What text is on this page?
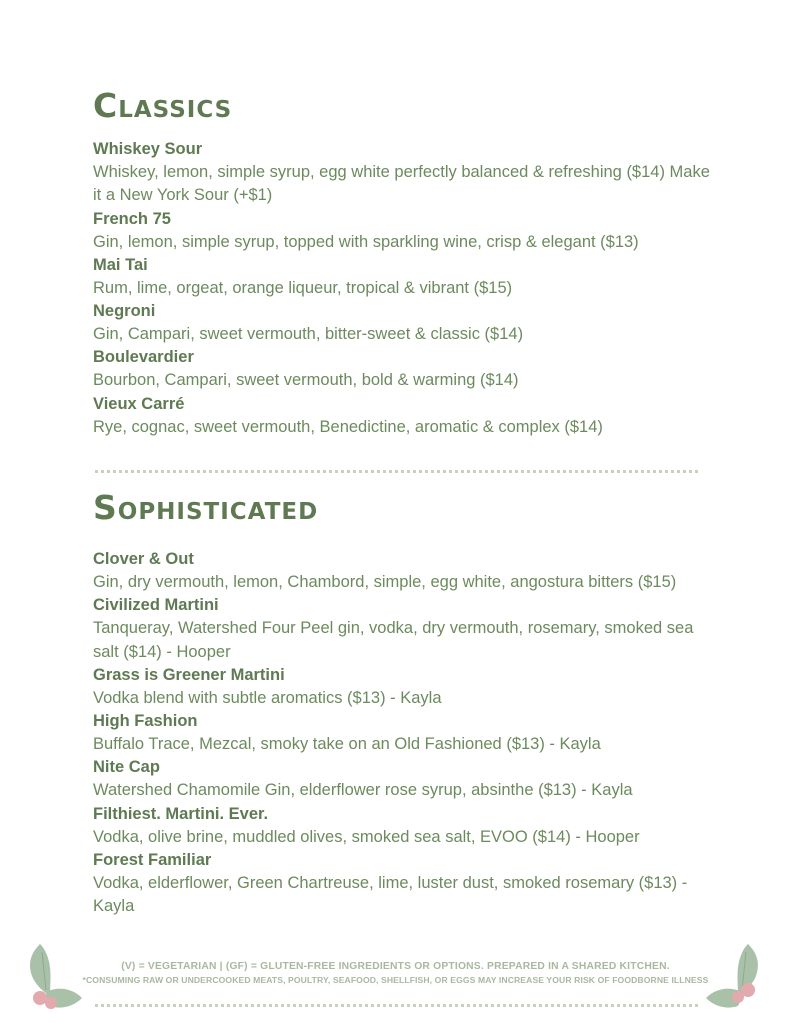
Classics
Whiskey Sour
Whiskey, lemon, simple syrup, egg white perfectly balanced & refreshing ($14) Make it a New York Sour (+$1)
French 75
Gin, lemon, simple syrup, topped with sparkling wine, crisp & elegant ($13)
Mai Tai
Rum, lime, orgeat, orange liqueur, tropical & vibrant ($15)
Negroni
Gin, Campari, sweet vermouth, bitter-sweet & classic ($14)
Boulevardier
Bourbon, Campari, sweet vermouth, bold & warming ($14)
Vieux Carré
Rye, cognac, sweet vermouth, Benedictine, aromatic & complex ($14)
Sophisticated
Clover & Out
Gin, dry vermouth, lemon, Chambord, simple, egg white, angostura bitters ($15)
Civilized Martini
Tanqueray, Watershed Four Peel gin, vodka, dry vermouth, rosemary, smoked sea salt ($14) - Hooper
Grass is Greener Martini
Vodka blend with subtle aromatics ($13) - Kayla
High Fashion
Buffalo Trace, Mezcal, smoky take on an Old Fashioned ($13) - Kayla
Nite Cap
Watershed Chamomile Gin, elderflower rose syrup, absinthe ($13) - Kayla
Filthiest. Martini. Ever.
Vodka, olive brine, muddled olives, smoked sea salt, EVOO ($14) - Hooper
Forest Familiar
Vodka, elderflower, Green Chartreuse, lime, luster dust, smoked rosemary ($13) - Kayla
(V) = VEGETARIAN | (GF) = GLUTEN-FREE INGREDIENTS OR OPTIONS. PREPARED IN A SHARED KITCHEN.
*CONSUMING RAW OR UNDERCOOKED MEATS, POULTRY, SEAFOOD, SHELLFISH, OR EGGS MAY INCREASE YOUR RISK OF FOODBORNE ILLNESS
